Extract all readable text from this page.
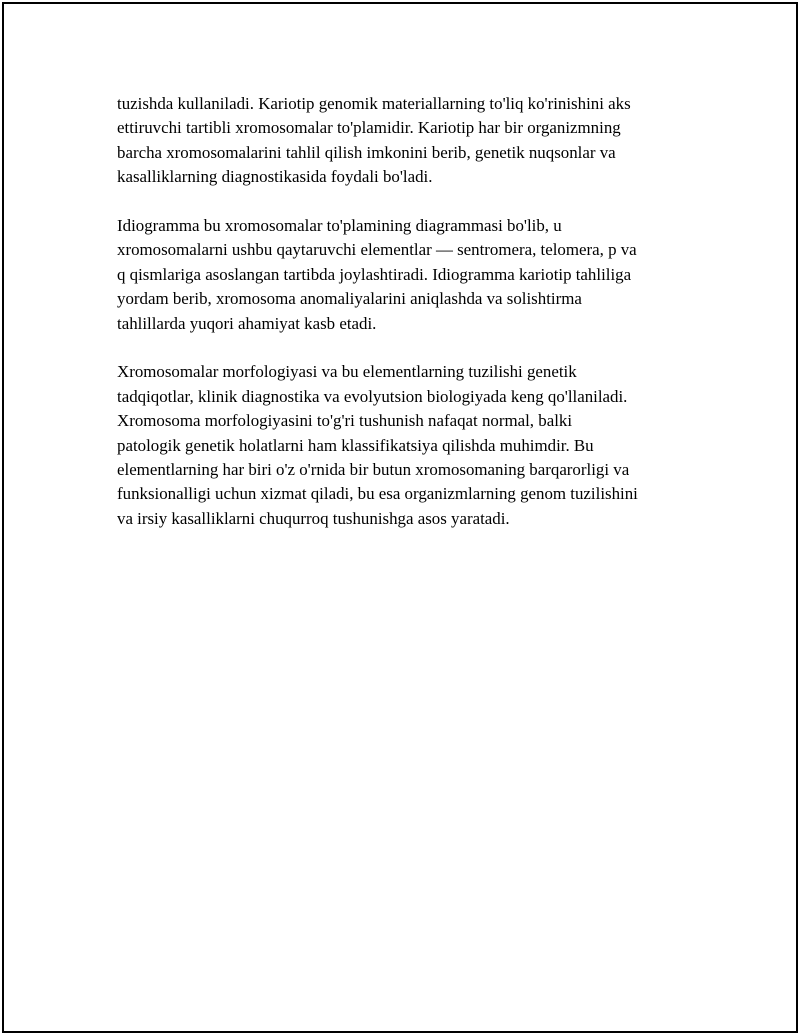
tuzishda kullaniladi. Kariotip genomik materiallarning to'liq ko'rinishini aks
ettiruvchi tartibli xromosomalar to'plamidir. Kariotip har bir organizmning
barcha xromosomalarini tahlil qilish imkonini berib, genetik nuqsonlar va
kasalliklarning diagnostikasida foydali bo'ladi.

Idiogramma bu xromosomalar to'plamining diagrammasi bo'lib, u
xromosomalarni ushbu qaytaruvchi elementlar — sentromera, telomera, p va
q qismlariga asoslangan tartibda joylashtiradi. Idiogramma kariotip tahliliga
yordam berib, xromosoma anomaliyalarini aniqlashda va solishtirma
tahlillarda yuqori ahamiyat kasb etadi.

Xromosomalar morfologiyasi va bu elementlarning tuzilishi genetik
tadqiqotlar, klinik diagnostika va evolyutsion biologiyada keng qo'llaniladi.
Xromosoma morfologiyasini to'g'ri tushunish nafaqat normal, balki
patologik genetik holatlarni ham klassifikatsiya qilishda muhimdir. Bu
elementlarning har biri o'z o'rnida bir butun xromosomaning barqarorligi va
funksionalligi uchun xizmat qiladi, bu esa organizmlarning genom tuzilishini
va irsiy kasalliklarni chuqurroq tushunishga asos yaratadi.
